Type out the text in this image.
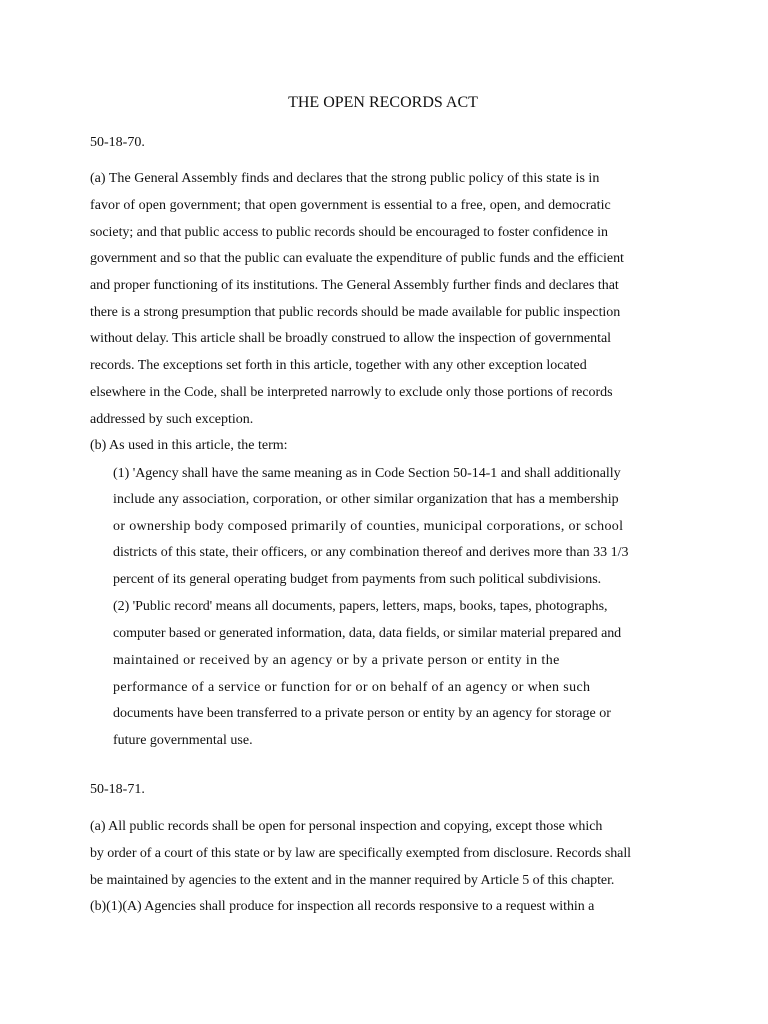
THE OPEN RECORDS ACT
50-18-70.
(a) The General Assembly finds and declares that the strong public policy of this state is in
favor of open government; that open government is essential to a free, open, and democratic
society; and that public access to public records should be encouraged to foster confidence in
government and so that the public can evaluate the expenditure of public funds and the efficient
and proper functioning of its institutions. The General Assembly further finds and declares that
there is a strong presumption that public records should be made available for public inspection
without delay. This article shall be broadly construed to allow the inspection of governmental
records. The exceptions set forth in this article, together with any other exception located
elsewhere in the Code, shall be interpreted narrowly to exclude only those portions of records
addressed by such exception.
(b) As used in this article, the term:
(1) 'Agency shall have the same meaning as in Code Section 50-14-1 and shall additionally
include any association, corporation, or other similar organization that has a membership
or ownership body composed primarily of counties, municipal corporations, or school
districts of this state, their officers, or any combination thereof and derives more than 33 1/3
percent of its general operating budget from payments from such political subdivisions.
(2) 'Public record' means all documents, papers, letters, maps, books, tapes, photographs,
computer based or generated information, data, data fields, or similar material prepared and
maintained or received by an agency or by a private person or entity in the
performance of a service or function for or on behalf of an agency or when such
documents have been transferred to a private person or entity by an agency for storage or
future governmental use.
50-18-71.
(a) All public records shall be open for personal inspection and copying, except those which
by order of a court of this state or by law are specifically exempted from disclosure. Records shall
be maintained by agencies to the extent and in the manner required by Article 5 of this chapter.
(b)(1)(A) Agencies shall produce for inspection all records responsive to a request within a
